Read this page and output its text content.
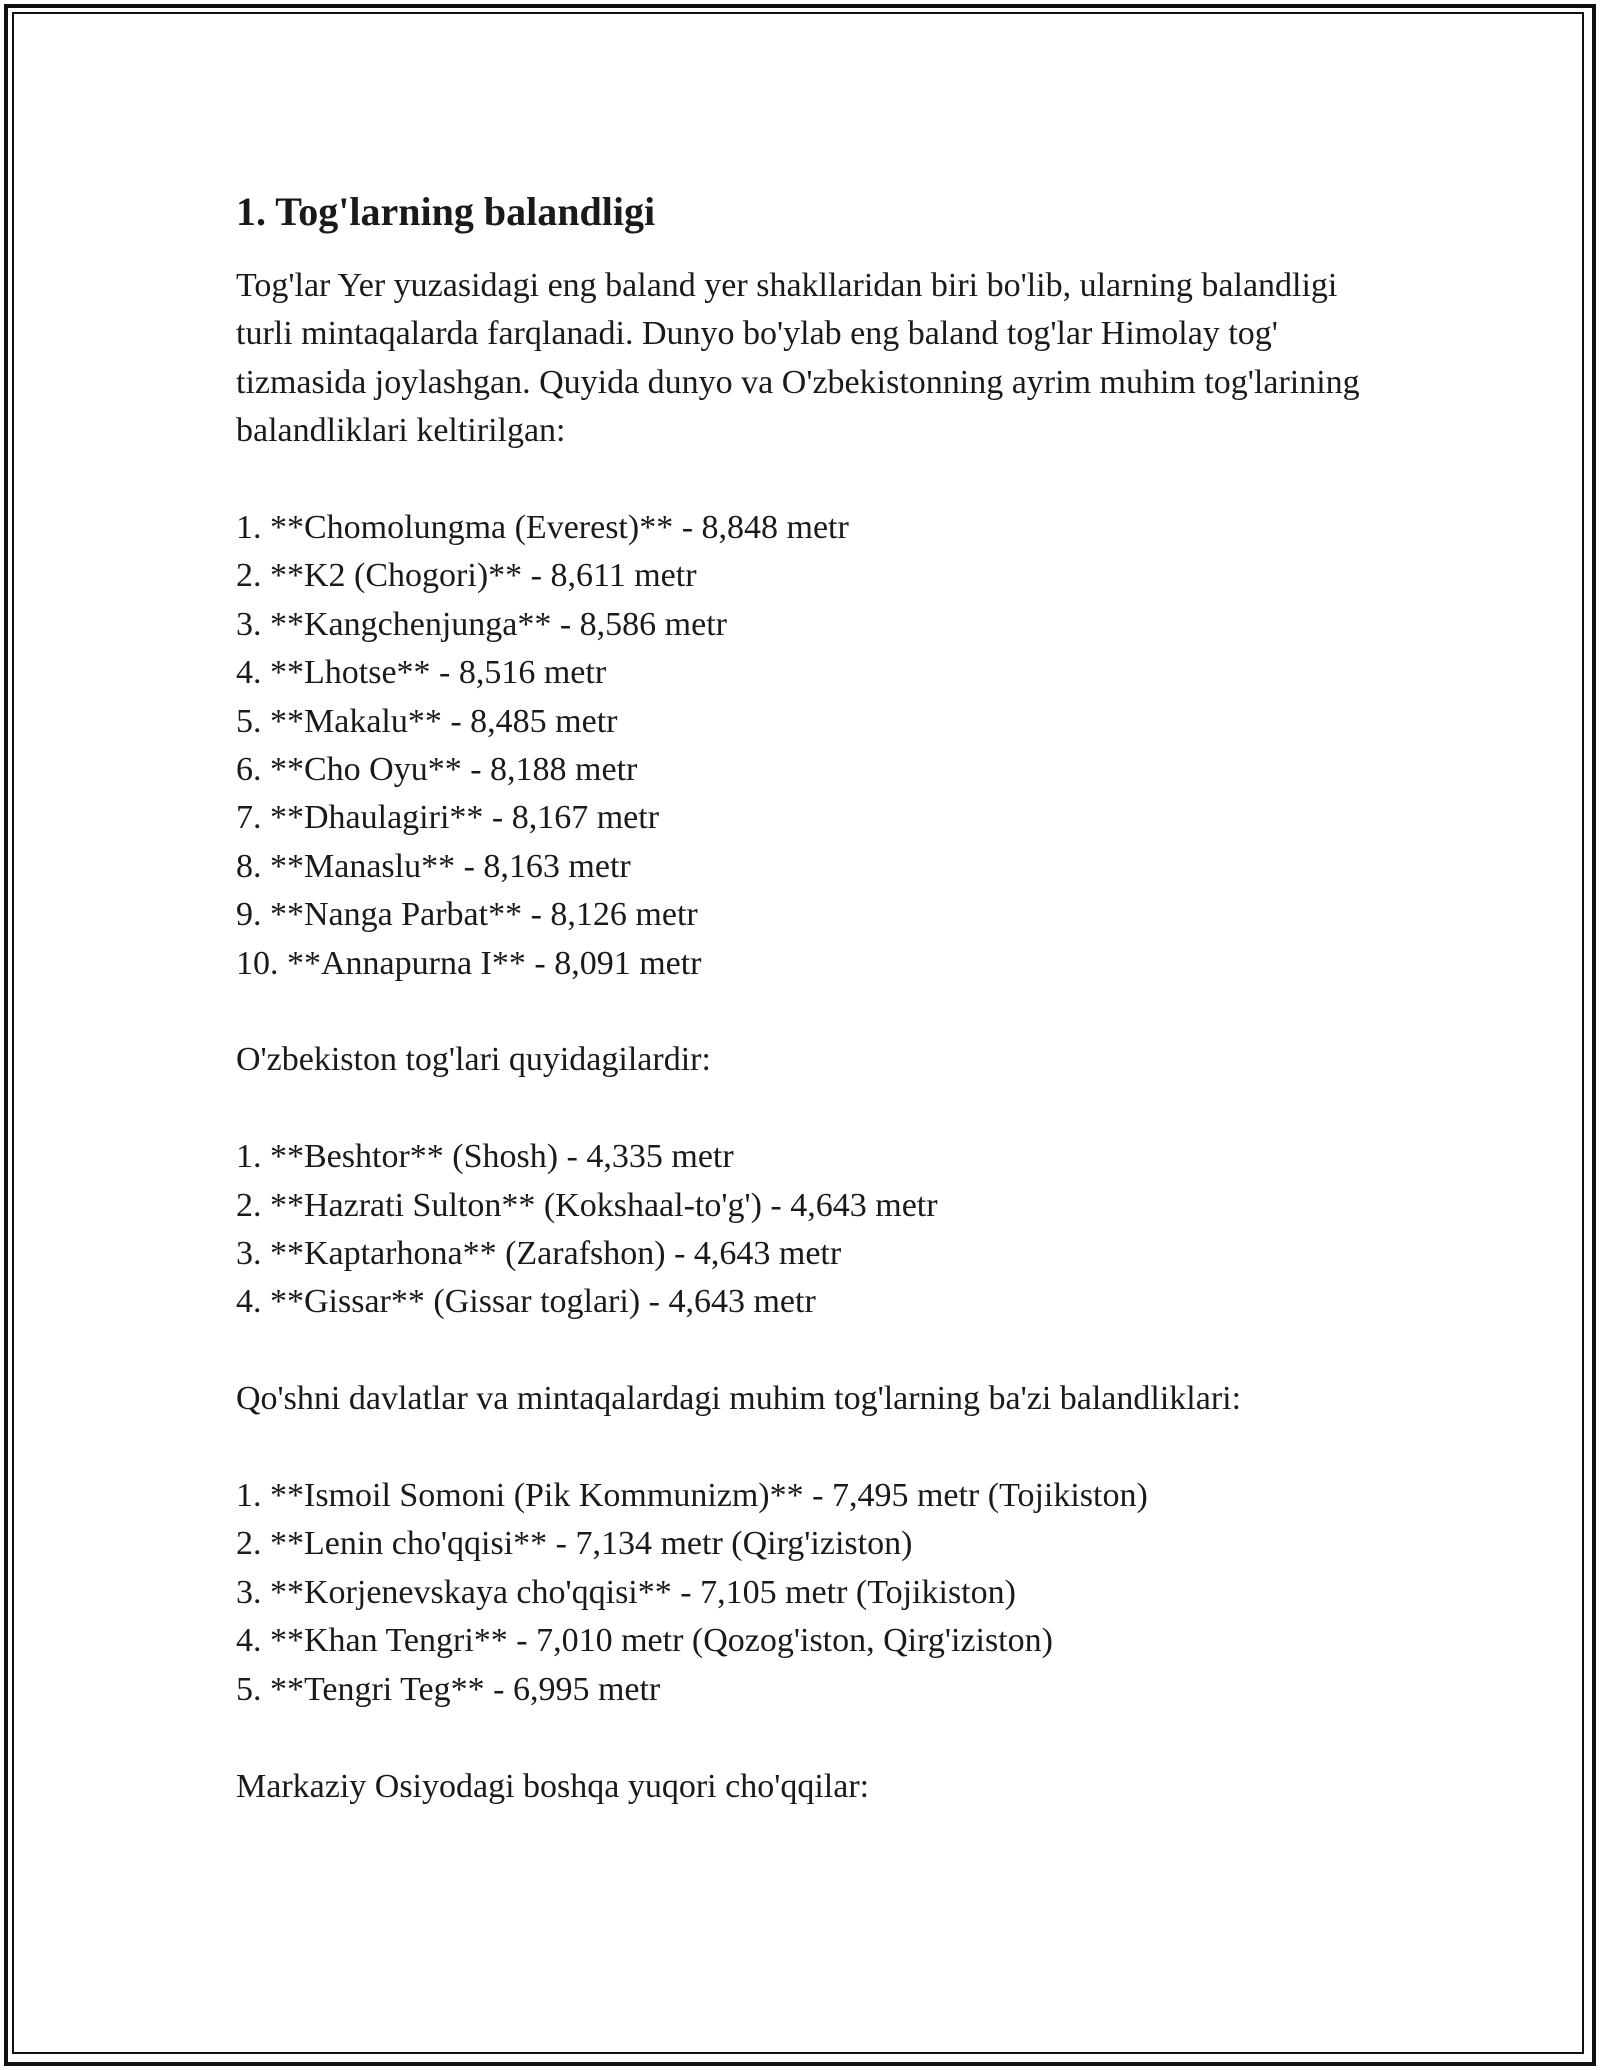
1. Tog'larning balandligi

Tog'lar Yer yuzasidagi eng baland yer shakllaridan biri bo'lib, ularning balandligi turli mintaqalarda farqlanadi. Dunyo bo'ylab eng baland tog'lar Himolay tog' tizmasida joylashgan. Quyida dunyo va O'zbekistonning ayrim muhim tog'larining balandliklari keltirilgan:

1. **Chomolungma (Everest)** - 8,848 metr
2. **K2 (Chogori)** - 8,611 metr
3. **Kangchenjunga** - 8,586 metr
4. **Lhotse** - 8,516 metr
5. **Makalu** - 8,485 metr
6. **Cho Oyu** - 8,188 metr
7. **Dhaulagiri** - 8,167 metr
8. **Manaslu** - 8,163 metr
9. **Nanga Parbat** - 8,126 metr
10. **Annapurna I** - 8,091 metr

O'zbekiston tog'lari quyidagilardir:

1. **Beshtor** (Shosh) - 4,335 metr
2. **Hazrati Sulton** (Kokshaal-to'g') - 4,643 metr
3. **Kaptarhona** (Zarafshon) - 4,643 metr
4. **Gissar** (Gissar toglari) - 4,643 metr

Qo'shni davlatlar va mintaqalardagi muhim tog'larning ba'zi balandliklari:

1. **Ismoil Somoni (Pik Kommunizm)** - 7,495 metr (Tojikiston)
2. **Lenin cho'qqisi** - 7,134 metr (Qirg'iziston)
3. **Korjenevskaya cho'qqisi** - 7,105 metr (Tojikiston)
4. **Khan Tengri** - 7,010 metr (Qozog'iston, Qirg'iziston)
5. **Tengri Teg** - 6,995 metr

Markaziy Osiyodagi boshqa yuqori cho'qqilar:
